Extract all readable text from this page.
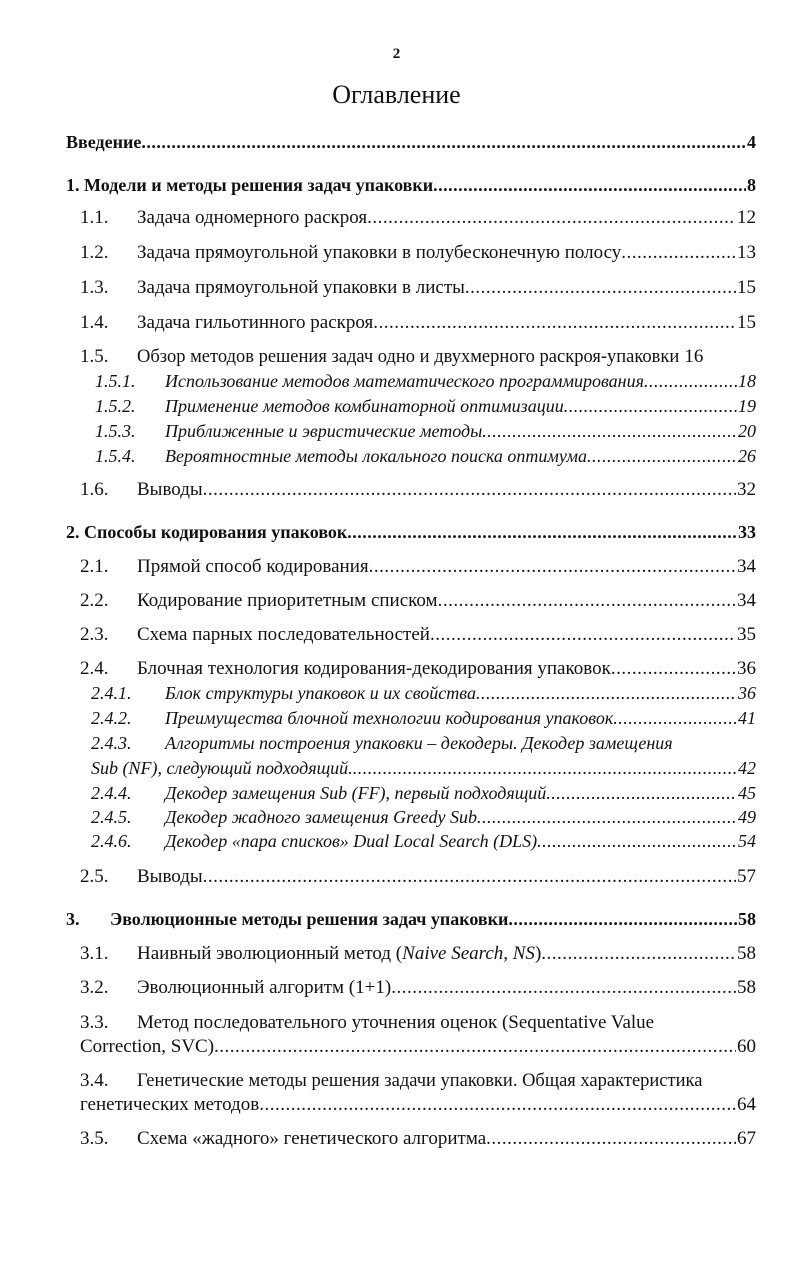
2
Оглавление
Введение .....	4
1. Модели и методы решения задач упаковки .....	8
1.1.	Задача одномерного раскроя .....	12
1.2.	Задача прямоугольной упаковки в полубесконечную полосу .....	13
1.3.	Задача прямоугольной упаковки в листы .....	15
1.4.	Задача гильотинного раскроя .....	15
1.5.	Обзор методов решения задач одно и двухмерного раскроя-упаковки 16
1.5.1.	Использование методов математического программирования .....	18
1.5.2.	Применение методов комбинаторной оптимизации .....	19
1.5.3.	Приближенные и эвристические методы .....	20
1.5.4.	Вероятностные методы локального поиска оптимума .....	26
1.6.	Выводы .....	32
2. Способы кодирования упаковок .....	33
2.1.	Прямой способ кодирования .....	34
2.2.	Кодирование приоритетным списком .....	34
2.3.	Схема парных последовательностей .....	35
2.4.	Блочная технология кодирования-декодирования упаковок .....	36
2.4.1.	Блок структуры упаковок и их свойства .....	36
2.4.2.	Преимущества блочной технологии кодирования упаковок .....	41
2.4.3.	Алгоритмы построения упаковки – декодеры. Декодер замещения
Sub (NF), следующий подходящий. .....	42
2.4.4.	Декодер замещения Sub (FF), первый подходящий .....	45
2.4.5.	Декодер жадного замещения Greedy Sub .....	49
2.4.6.	Декодер «пара списков» Dual Local Search (DLS) .....	54
2.5.	Выводы .....	57
3.	Эволюционные методы решения задач упаковки .....	58
3.1.	Наивный эволюционный метод ( Naive Search, NS ) .....	58
3.2.	Эволюционный алгоритм (1+1) .....	58
3.3.	Метод последовательного уточнения оценок (Sequentative Value
Correction, SVC) .....	60
3.4.	Генетические методы решения задачи упаковки. Общая характеристика
генетических методов .....	64
3.5.	Схема «жадного» генетического алгоритма .....	67
